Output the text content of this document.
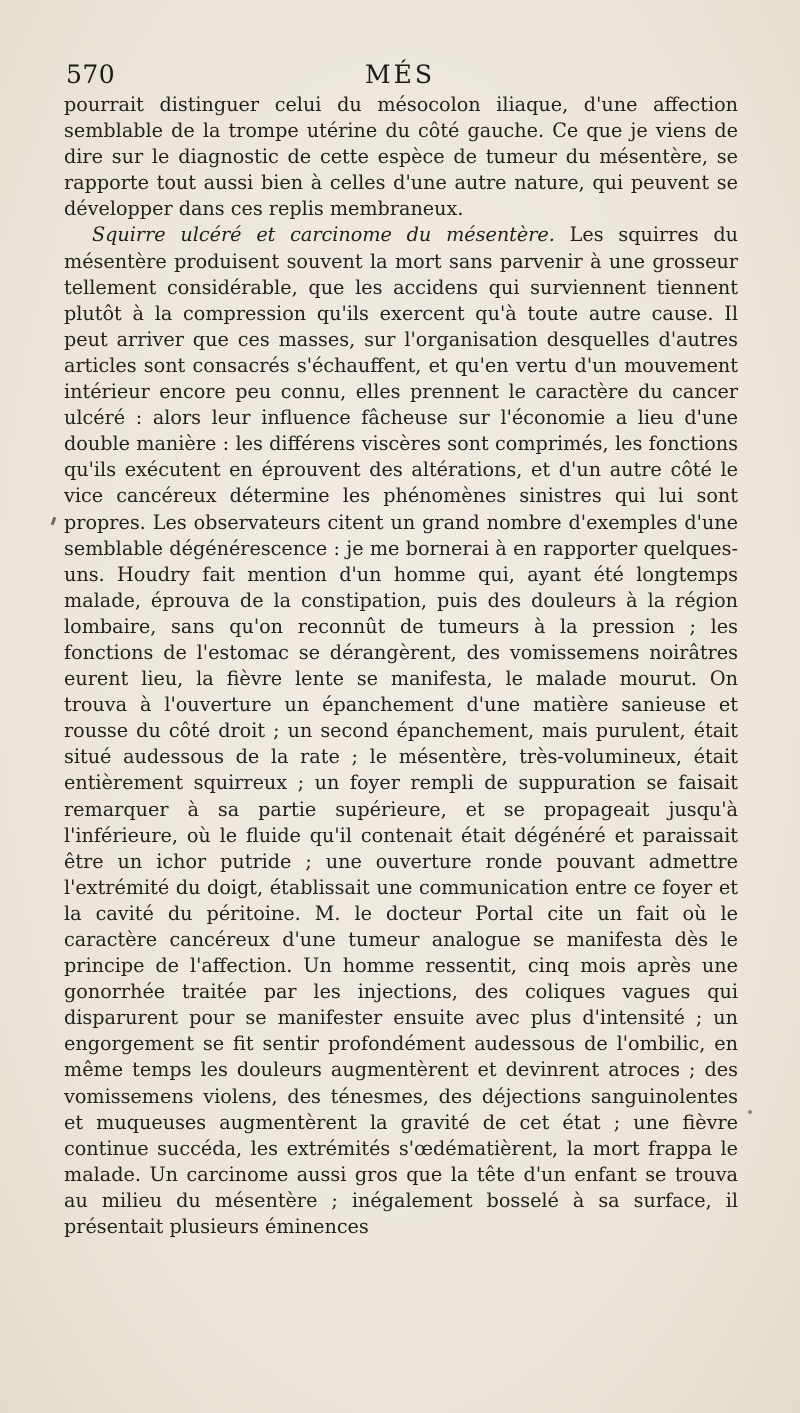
570	MÉS

pourrait distinguer celui du mésocolon iliaque, d'une affection semblable de la trompe utérine du côté gauche. Ce que je viens de dire sur le diagnostic de cette espèce de tumeur du mésentère, se rapporte tout aussi bien à celles d'une autre nature, qui peuvent se développer dans ces replis membraneux.

Squirre ulcéré et carcinome du mésentère. Les squirres du mésentère produisent souvent la mort sans parvenir à une grosseur tellement considérable, que les accidens qui surviennent tiennent plutôt à la compression qu'ils exercent qu'à toute autre cause. Il peut arriver que ces masses, sur l'organisation desquelles d'autres articles sont consacrés s'échauffent, et qu'en vertu d'un mouvement intérieur encore peu connu, elles prennent le caractère du cancer ulcéré : alors leur influence fâcheuse sur l'économie a lieu d'une double manière : les différens viscères sont comprimés, les fonctions qu'ils exécutent en éprouvent des altérations, et d'un autre côté le vice cancéreux détermine les phénomènes sinistres qui lui sont propres. Les observateurs citent un grand nombre d'exemples d'une semblable dégénérescence : je me bornerai à en rapporter quelques-uns. Houdry fait mention d'un homme qui, ayant été longtemps malade, éprouva de la constipation, puis des douleurs à la région lombaire, sans qu'on reconnût de tumeurs à la pression ; les fonctions de l'estomac se dérangèrent, des vomissemens noirâtres eurent lieu, la fièvre lente se manifesta, le malade mourut. On trouva à l'ouverture un épanchement d'une matière sanieuse et rousse du côté droit ; un second épanchement, mais purulent, était situé audessous de la rate ; le mésentère, très-volumineux, était entièrement squirreux ; un foyer rempli de suppuration se faisait remarquer à sa partie supérieure, et se propageait jusqu'à l'inférieure, où le fluide qu'il contenait était dégénéré et paraissait être un ichor putride ; une ouverture ronde pouvant admettre l'extrémité du doigt, établissait une communication entre ce foyer et la cavité du péritoine. M. le docteur Portal cite un fait où le caractère cancéreux d'une tumeur analogue se manifesta dès le principe de l'affection. Un homme ressentit, cinq mois après une gonorrhée traitée par les injections, des coliques vagues qui disparurent pour se manifester ensuite avec plus d'intensité ; un engorgement se fit sentir profondément audessous de l'ombilic, en même temps les douleurs augmentèrent et devinrent atroces ; des vomissemens violens, des ténesmes, des déjections sanguinolentes et muqueuses augmentèrent la gravité de cet état ; une fièvre continue succéda, les extrémités s'œdématièrent, la mort frappa le malade. Un carcinome aussi gros que la tête d'un enfant se trouva au milieu du mésentère ; inégalement bosselé à sa surface, il présentait plusieurs éminences
